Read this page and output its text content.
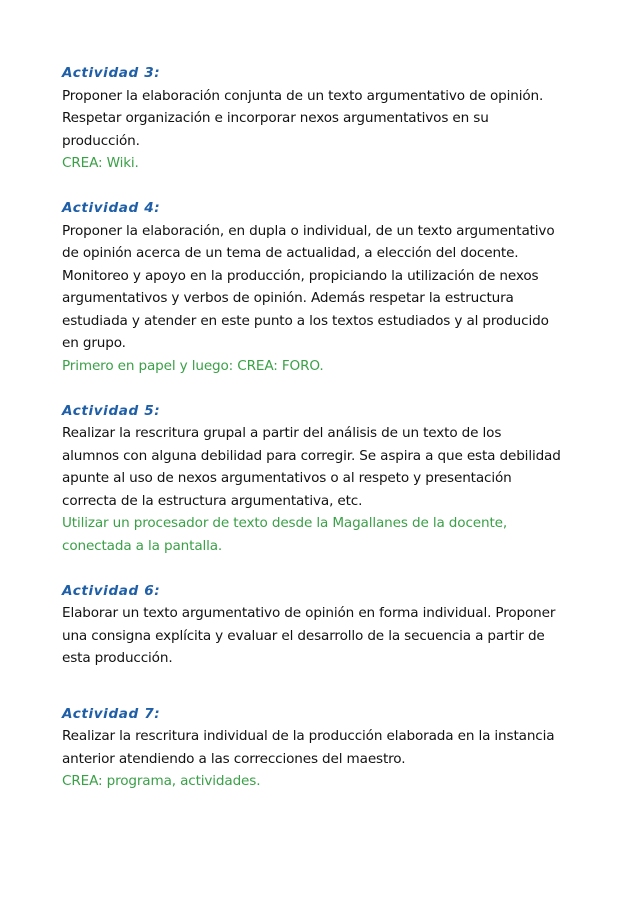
Actividad 3:
Proponer la elaboración conjunta de un texto argumentativo de opinión.
Respetar organización e incorporar nexos argumentativos en su
producción.
CREA: Wiki.
Actividad 4:
Proponer la elaboración, en dupla o individual, de un texto argumentativo
de opinión acerca de un tema de actualidad, a elección del docente.
Monitoreo y apoyo en la producción, propiciando la utilización de nexos
argumentativos y verbos de opinión. Además respetar la estructura
estudiada y atender en este punto a los textos estudiados y al producido
en grupo.
Primero en papel y luego: CREA: FORO.
Actividad 5:
Realizar la rescritura grupal a partir del análisis de un texto de los
alumnos con alguna debilidad para corregir. Se aspira a que esta debilidad
apunte al uso de nexos argumentativos o al respeto y presentación
correcta de la estructura argumentativa, etc.
Utilizar un procesador de texto desde la Magallanes de la docente,
conectada a la pantalla.
Actividad 6:
Elaborar un texto argumentativo de opinión en forma individual. Proponer
una consigna explícita y evaluar el desarrollo de la secuencia a partir de
esta producción.
Actividad 7:
Realizar la rescritura individual de la producción elaborada en la instancia
anterior atendiendo a las correcciones del maestro.
CREA: programa, actividades.
